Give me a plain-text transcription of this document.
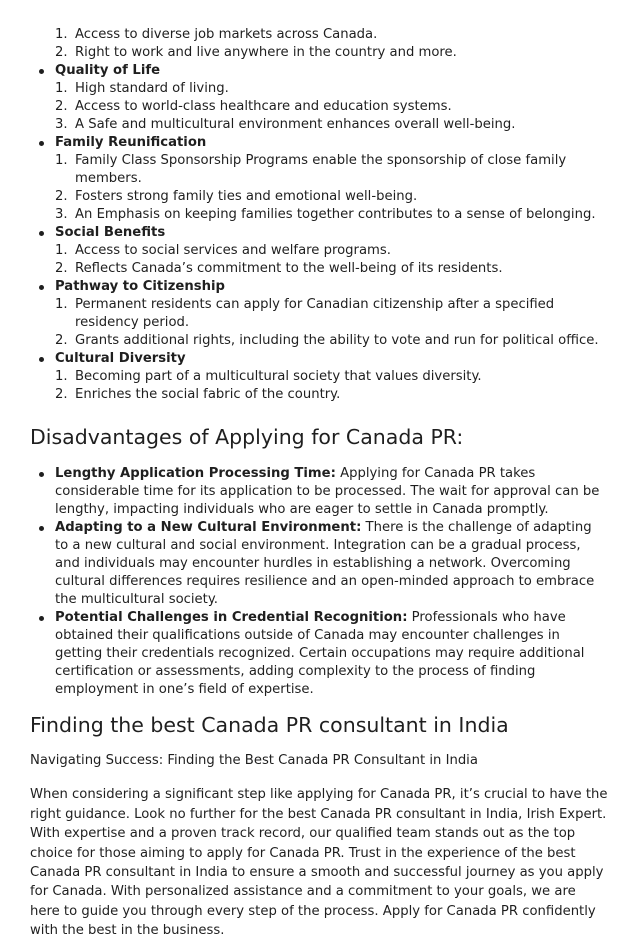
1. Access to diverse job markets across Canada.
2. Right to work and live anywhere in the country and more.
Quality of Life
1. High standard of living.
2. Access to world-class healthcare and education systems.
3. A Safe and multicultural environment enhances overall well-being.
Family Reunification
1. Family Class Sponsorship Programs enable the sponsorship of close family members.
2. Fosters strong family ties and emotional well-being.
3. An Emphasis on keeping families together contributes to a sense of belonging.
Social Benefits
1. Access to social services and welfare programs.
2. Reflects Canada’s commitment to the well-being of its residents.
Pathway to Citizenship
1. Permanent residents can apply for Canadian citizenship after a specified residency period.
2. Grants additional rights, including the ability to vote and run for political office.
Cultural Diversity
1. Becoming part of a multicultural society that values diversity.
2. Enriches the social fabric of the country.
Disadvantages of Applying for Canada PR:
Lengthy Application Processing Time: Applying for Canada PR takes considerable time for its application to be processed. The wait for approval can be lengthy, impacting individuals who are eager to settle in Canada promptly.
Adapting to a New Cultural Environment: There is the challenge of adapting to a new cultural and social environment. Integration can be a gradual process, and individuals may encounter hurdles in establishing a network. Overcoming cultural differences requires resilience and an open-minded approach to embrace the multicultural society.
Potential Challenges in Credential Recognition: Professionals who have obtained their qualifications outside of Canada may encounter challenges in getting their credentials recognized. Certain occupations may require additional certification or assessments, adding complexity to the process of finding employment in one’s field of expertise.
Finding the best Canada PR consultant in India

Navigating Success: Finding the Best Canada PR Consultant in India

When considering a significant step like applying for Canada PR, it’s crucial to have the right guidance. Look no further for the best Canada PR consultant in India, Irish Expert. With expertise and a proven track record, our qualified team stands out as the top choice for those aiming to apply for Canada PR. Trust in the experience of the best Canada PR consultant in India to ensure a smooth and successful journey as you apply for Canada. With personalized assistance and a commitment to your goals, we are here to guide you through every step of the process. Apply for Canada PR confidently with the best in the business.
